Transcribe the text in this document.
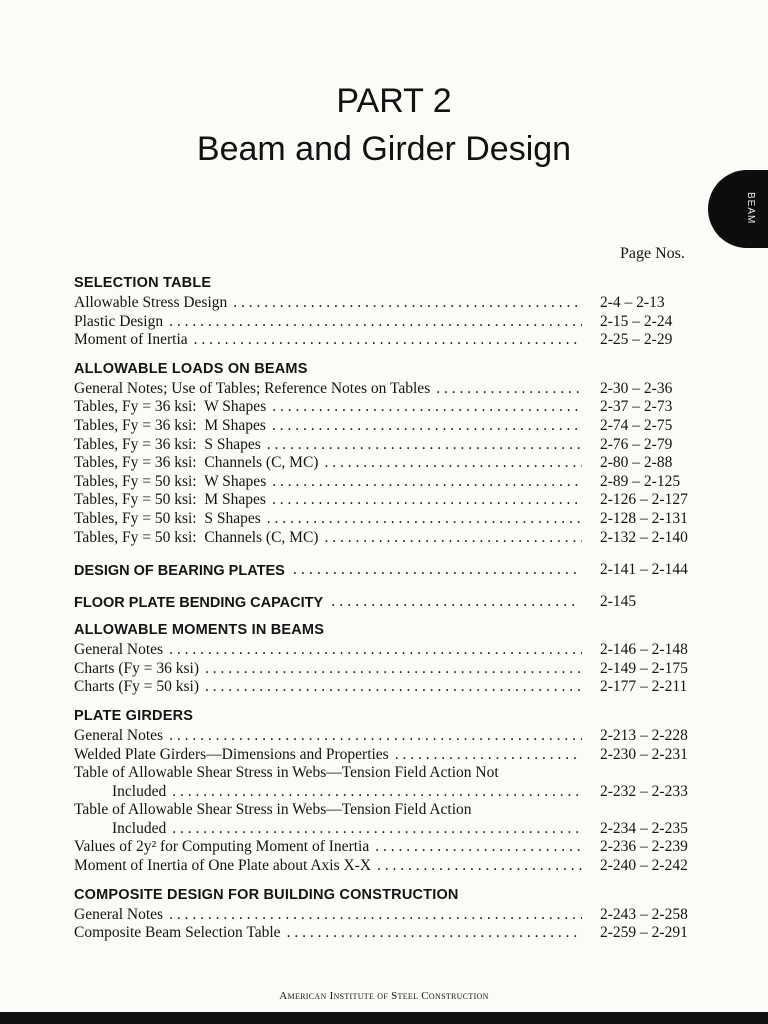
PART 2
Beam and Girder Design
BEAM
Page Nos.
SELECTION TABLE
Allowable Stress Design . . .	2-4 – 2-13
Plastic Design . . .	2-15 – 2-24
Moment of Inertia . . .	2-25 – 2-29
ALLOWABLE LOADS ON BEAMS
General Notes; Use of Tables; Reference Notes on Tables . . .	2-30 – 2-36
Tables, Fy = 36 ksi:  W Shapes . . .	2-37 – 2-73
Tables, Fy = 36 ksi:  M Shapes . . .	2-74 – 2-75
Tables, Fy = 36 ksi:  S Shapes . . .	2-76 – 2-79
Tables, Fy = 36 ksi:  Channels (C, MC) . . .	2-80 – 2-88
Tables, Fy = 50 ksi:  W Shapes . . .	2-89 – 2-125
Tables, Fy = 50 ksi:  M Shapes . . .	2-126 – 2-127
Tables, Fy = 50 ksi:  S Shapes . . .	2-128 – 2-131
Tables, Fy = 50 ksi:  Channels (C, MC) . . .	2-132 – 2-140
DESIGN OF BEARING PLATES . . .	2-141 – 2-144
FLOOR PLATE BENDING CAPACITY . . .	2-145
ALLOWABLE MOMENTS IN BEAMS
General Notes . . .	2-146 – 2-148
Charts (Fy = 36 ksi) . . .	2-149 – 2-175
Charts (Fy = 50 ksi) . . .	2-177 – 2-211
PLATE GIRDERS
General Notes . . .	2-213 – 2-228
Welded Plate Girders—Dimensions and Properties . . .	2-230 – 2-231
Table of Allowable Shear Stress in Webs—Tension Field Action Not
Included . . .	2-232 – 2-233
Table of Allowable Shear Stress in Webs—Tension Field Action
Included . . .	2-234 – 2-235
Values of 2y² for Computing Moment of Inertia . . .	2-236 – 2-239
Moment of Inertia of One Plate about Axis X-X . . .	2-240 – 2-242
COMPOSITE DESIGN FOR BUILDING CONSTRUCTION
General Notes . . .	2-243 – 2-258
Composite Beam Selection Table . . .	2-259 – 2-291
American Institute of Steel Construction
